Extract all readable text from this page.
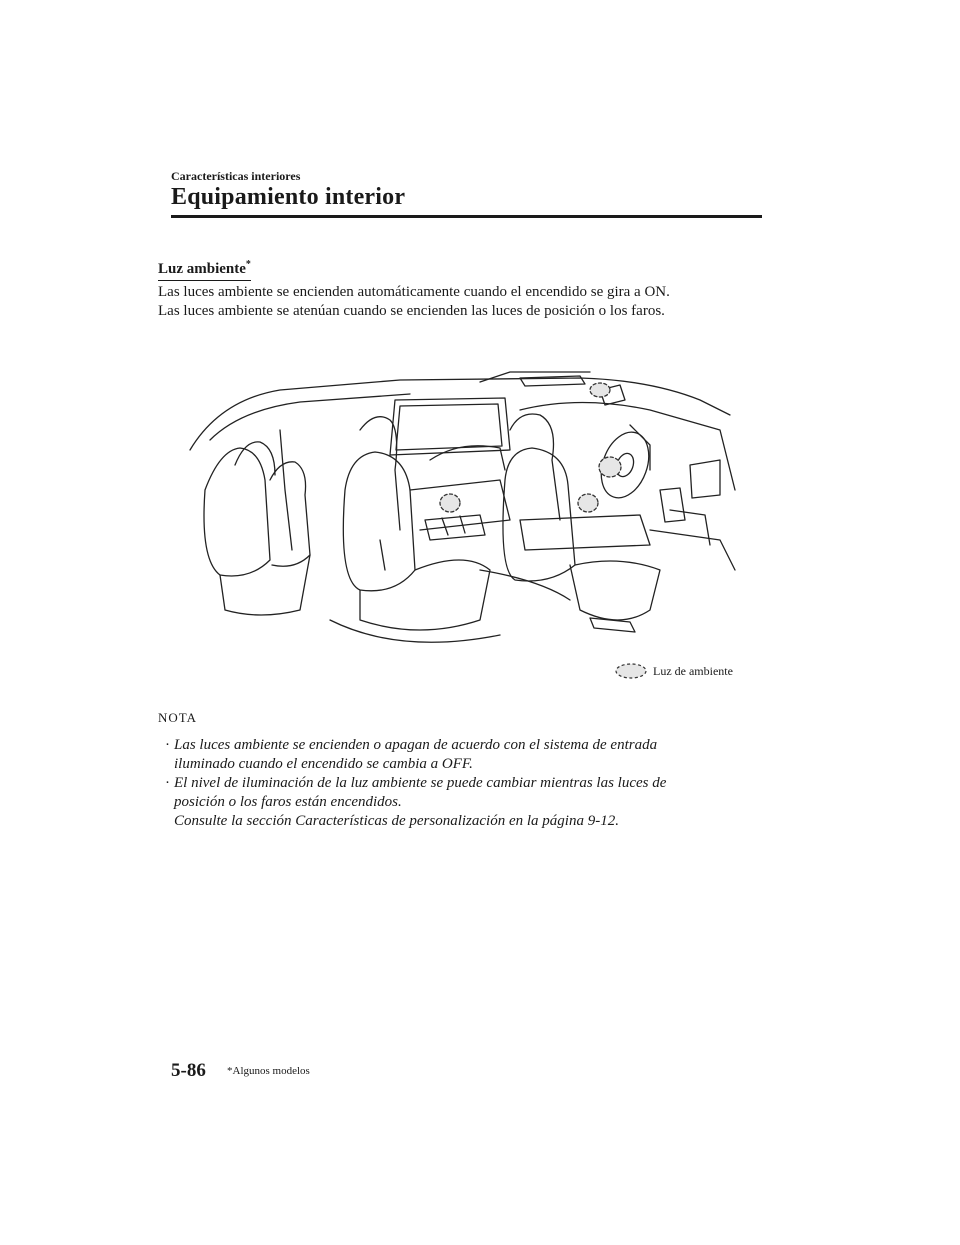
Características interiores
Equipamiento interior
Luz ambiente*
Las luces ambiente se encienden automáticamente cuando el encendido se gira a ON.
Las luces ambiente se atenúan cuando se encienden las luces de posición o los faros.
Luz de ambiente
NOTA
· Las luces ambiente se encienden o apagan de acuerdo con el sistema de entrada
iluminado cuando el encendido se cambia a OFF.
· El nivel de iluminación de la luz ambiente se puede cambiar mientras las luces de
posición o los faros están encendidos.
Consulte la sección Características de personalización en la página 9-12.
5-86 *Algunos modelos
